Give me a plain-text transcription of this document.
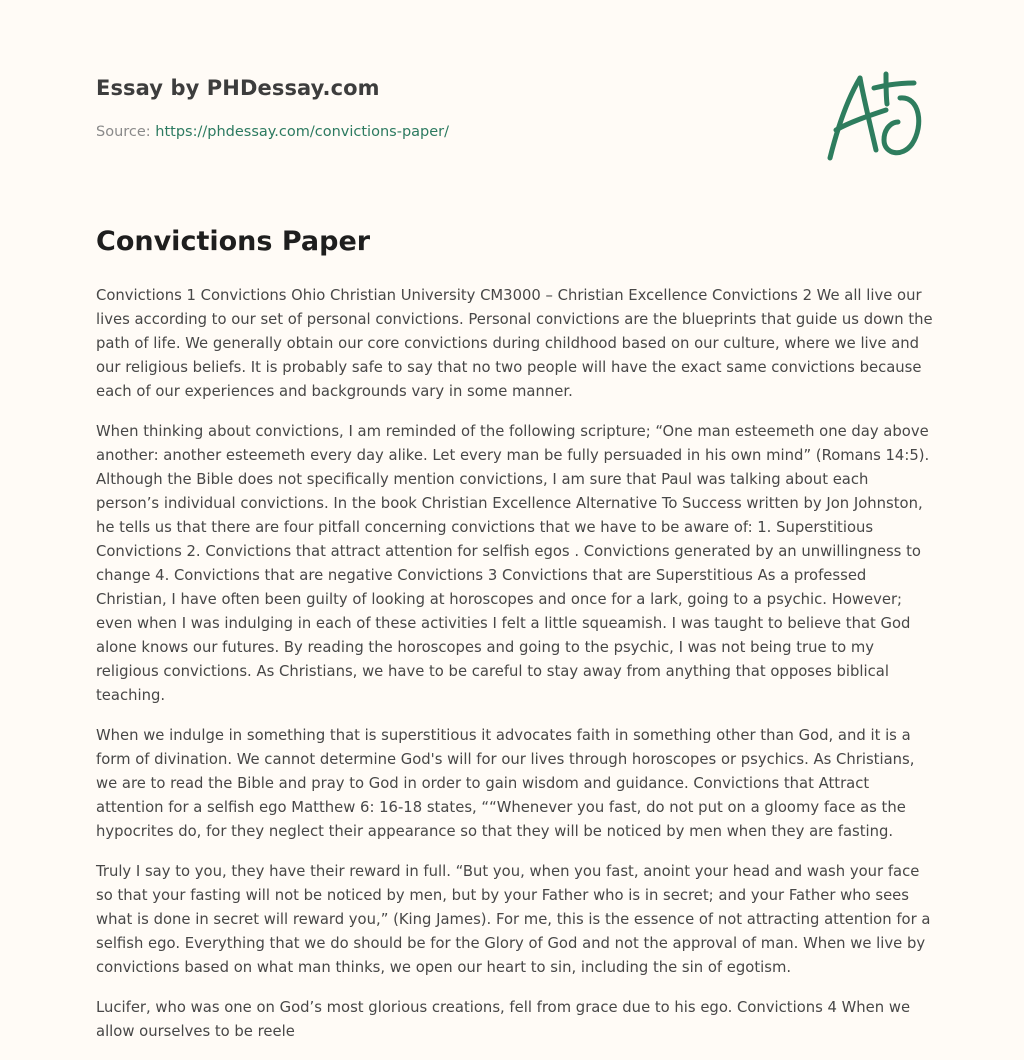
Essay by PHDessay.com
Source: https://phdessay.com/convictions-paper/
Convictions Paper

Convictions 1 Convictions Ohio Christian University CM3000 – Christian Excellence Convictions 2 We all live our lives according to our set of personal convictions. Personal convictions are the blueprints that guide us down the path of life. We generally obtain our core convictions during childhood based on our culture, where we live and our religious beliefs. It is probably safe to say that no two people will have the exact same convictions because each of our experiences and backgrounds vary in some manner.

When thinking about convictions, I am reminded of the following scripture; “One man esteemeth one day above another: another esteemeth every day alike. Let every man be fully persuaded in his own mind” (Romans 14:5). Although the Bible does not specifically mention convictions, I am sure that Paul was talking about each person’s individual convictions. In the book Christian Excellence Alternative To Success written by Jon Johnston, he tells us that there are four pitfall concerning convictions that we have to be aware of: 1. Superstitious Convictions 2. Convictions that attract attention for selfish egos . Convictions generated by an unwillingness to change 4. Convictions that are negative Convictions 3 Convictions that are Superstitious As a professed Christian, I have often been guilty of looking at horoscopes and once for a lark, going to a psychic. However; even when I was indulging in each of these activities I felt a little squeamish. I was taught to believe that God alone knows our futures. By reading the horoscopes and going to the psychic, I was not being true to my religious convictions. As Christians, we have to be careful to stay away from anything that opposes biblical teaching.

When we indulge in something that is superstitious it advocates faith in something other than God, and it is a form of divination. We cannot determine God's will for our lives through horoscopes or psychics. As Christians, we are to read the Bible and pray to God in order to gain wisdom and guidance. Convictions that Attract attention for a selfish ego Matthew 6: 16-18 states, ““Whenever you fast, do not put on a gloomy face as the hypocrites do, for they neglect their appearance so that they will be noticed by men when they are fasting.

Truly I say to you, they have their reward in full. “But you, when you fast, anoint your head and wash your face so that your fasting will not be noticed by men, but by your Father who is in secret; and your Father who sees what is done in secret will reward you,” (King James). For me, this is the essence of not attracting attention for a selfish ego. Everything that we do should be for the Glory of God and not the approval of man. When we live by convictions based on what man thinks, we open our heart to sin, including the sin of egotism.

Lucifer, who was one on God’s most glorious creations, fell from grace due to his ego. Convictions 4 When we allow ourselves to be reele
